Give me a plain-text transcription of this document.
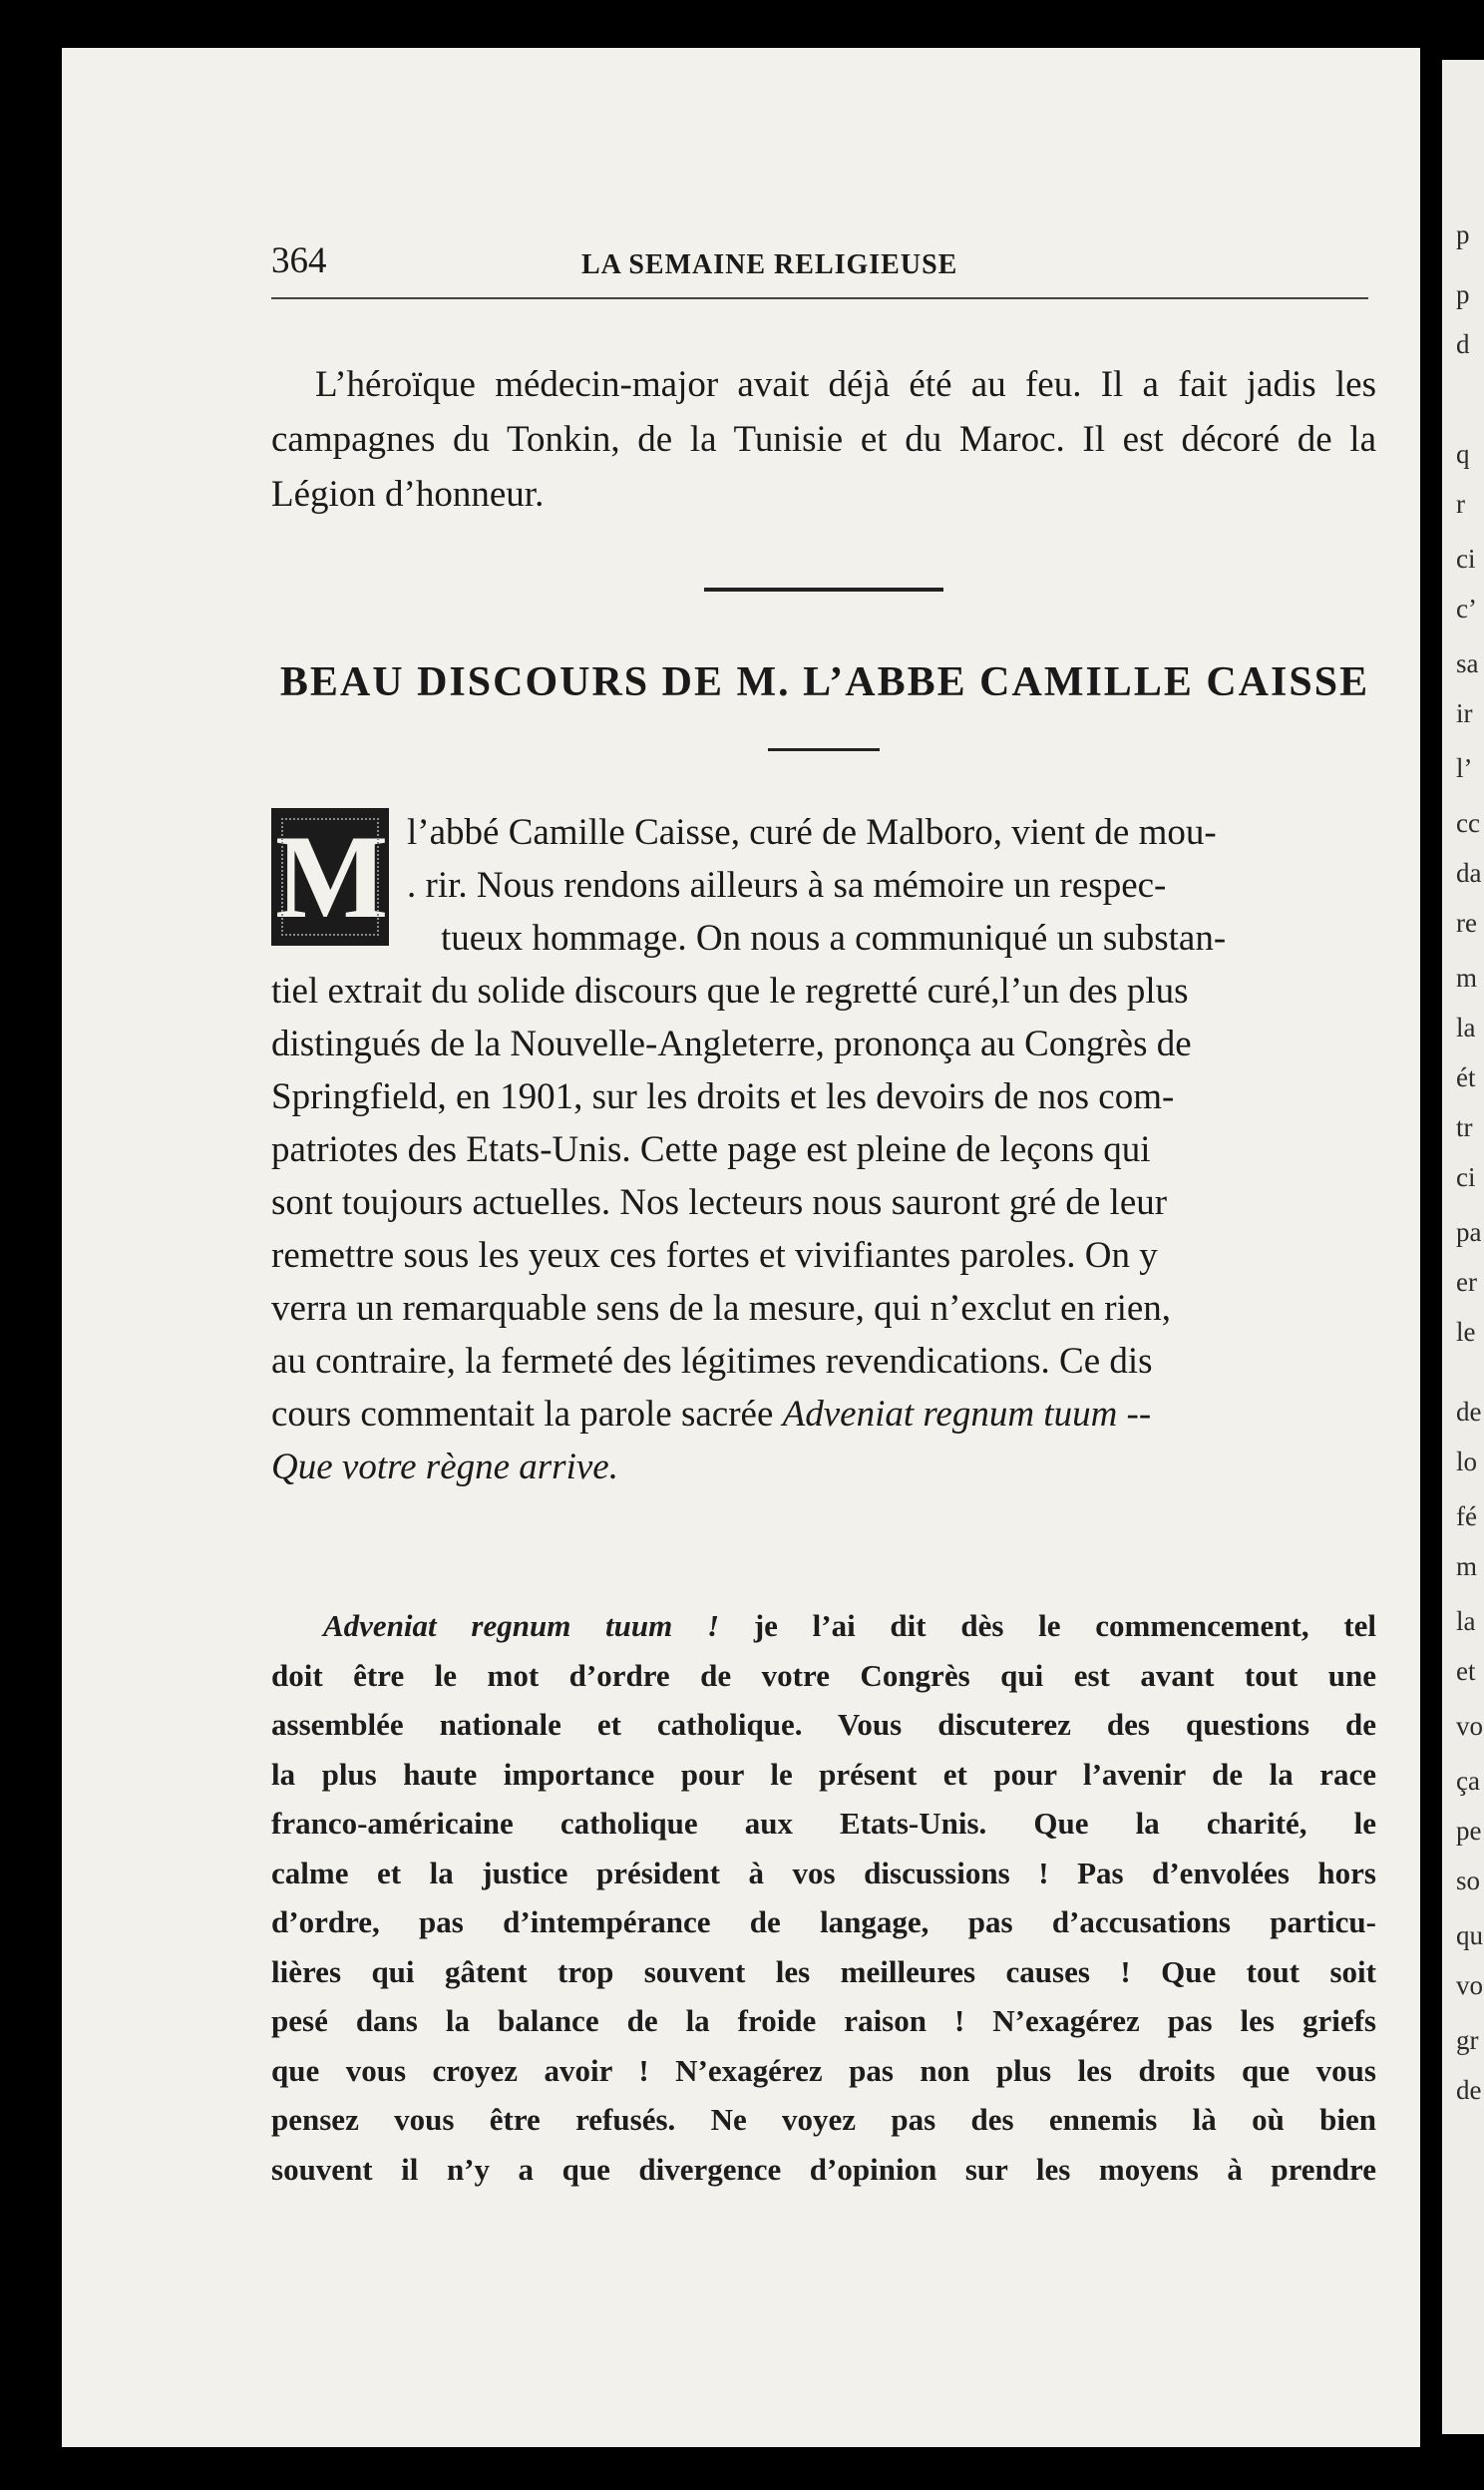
p
p
d
q
r
ci
c’
sa
ir
l’
cc
da
re
m
la
ét
tr
ci
pa
er
le
de
lo
fé
m
la
et
vo
ça
pe
so
qu
vo
gr
de
364	LA SEMAINE RELIGIEUSE

L’héroïque médecin-major avait déjà été au feu. Il a fait jadis les campagnes du Tonkin, de la Tunisie et du Maroc. Il est décoré de la Légion d’honneur.

BEAU DISCOURS DE M. L’ABBE CAMILLE CAISSE
l’abbé Camille Caisse, curé de Malboro, vient de mou-
. rir. Nous rendons ailleurs à sa mémoire un respec-
tueux hommage. On nous a communiqué un substan-
tiel extrait du solide discours que le regretté curé,l’un des plus
distingués de la Nouvelle-Angleterre, prononça au Congrès de
Springfield, en 1901, sur les droits et les devoirs de nos com-
patriotes des Etats-Unis. Cette page est pleine de leçons qui
sont toujours actuelles. Nos lecteurs nous sauront gré de leur
remettre sous les yeux ces fortes et vivifiantes paroles. On y
verra un remarquable sens de la mesure, qui n’exclut en rien,
au contraire, la fermeté des légitimes revendications. Ce dis
cours commentait la parole sacrée Adveniat regnum tuum --
Que votre règne arrive.
M
Adveniat regnum tuum ! je l’ai dit dès le commencement, tel
doit être le mot d’ordre de votre Congrès qui est avant tout une
assemblée nationale et catholique. Vous discuterez des questions de
la plus haute importance pour le présent et pour l’avenir de la race
franco-américaine catholique aux Etats-Unis. Que la charité, le
calme et la justice président à vos discussions ! Pas d’envolées hors
d’ordre, pas d’intempérance de langage, pas d’accusations particu-
lières qui gâtent trop souvent les meilleures causes ! Que tout soit
pesé dans la balance de la froide raison ! N’exagérez pas les griefs
que vous croyez avoir ! N’exagérez pas non plus les droits que vous
pensez vous être refusés. Ne voyez pas des ennemis là où bien
souvent il n’y a que divergence d’opinion sur les moyens à prendre
